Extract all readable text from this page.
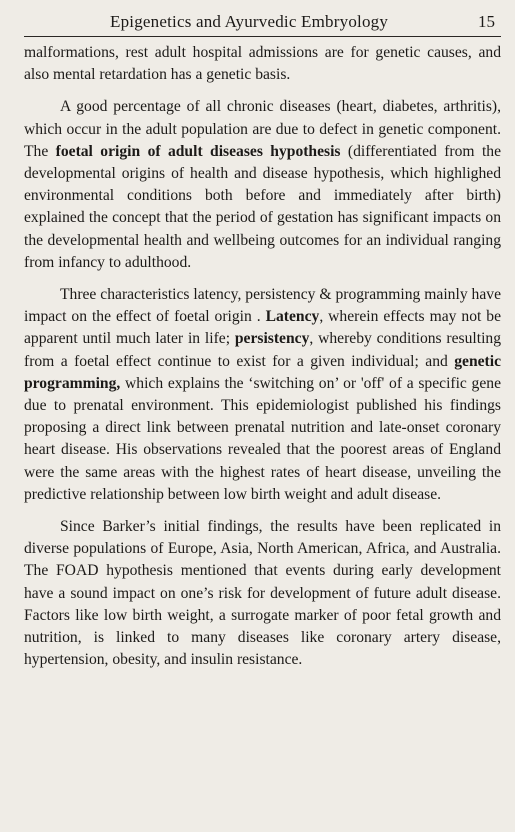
Epigenetics and Ayurvedic Embryology	15

malformations, rest adult hospital admissions are for genetic causes, and also mental retardation has a genetic basis.

A good percentage of all chronic diseases (heart, diabetes, arthritis), which occur in the adult population are due to defect in genetic component. The foetal origin of adult diseases hypothesis (differentiated from the developmental origins of health and disease hypothesis, which highlighed environmental conditions both before and immediately after birth) explained the concept that the period of gestation has significant impacts on the developmental health and wellbeing outcomes for an individual ranging from infancy to adulthood.

Three characteristics latency, persistency & programming mainly have impact on the effect of foetal origin . Latency, wherein effects may not be apparent until much later in life; persistency, whereby conditions resulting from a foetal effect continue to exist for a given individual; and genetic programming, which explains the ‘switching on’ or 'off' of a specific gene due to prenatal environment. This epidemiologist published his findings proposing a direct link between prenatal nutrition and late-onset coronary heart disease. His observations revealed that the poorest areas of England were the same areas with the highest rates of heart disease, unveiling the predictive relationship between low birth weight and adult disease.

Since Barker’s initial findings, the results have been replicated in diverse populations of Europe, Asia, North American, Africa, and Australia. The FOAD hypothesis mentioned that events during early development have a sound impact on one’s risk for development of future adult disease. Factors like low birth weight, a surrogate marker of poor fetal growth and nutrition, is linked to many diseases like coronary artery disease, hypertension, obesity, and insulin resistance.
